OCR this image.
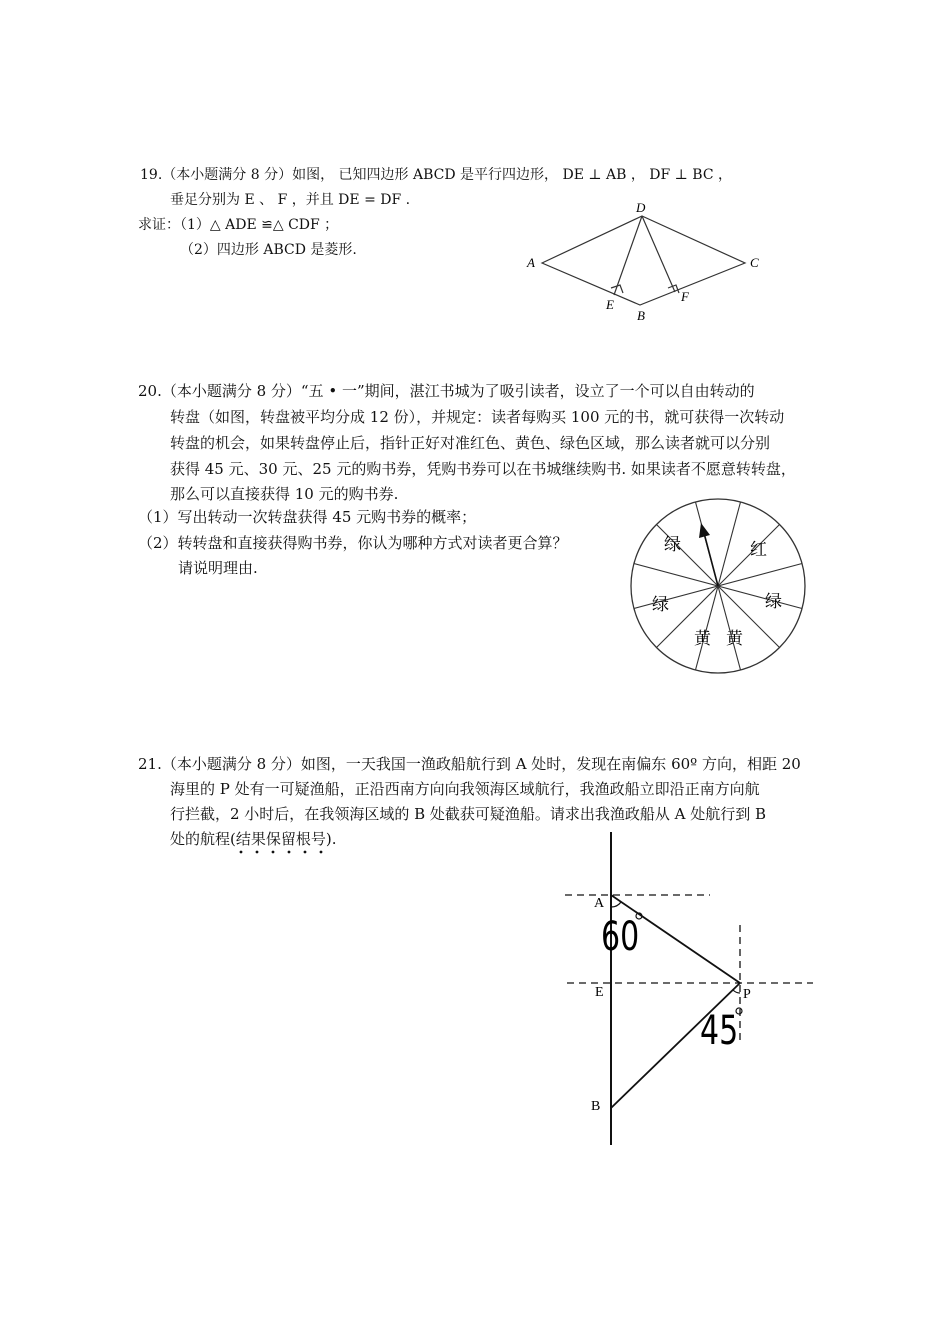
19.（本小题满分 8 分）如图， 已知四边形 ABCD 是平行四边形， DE ⊥ AB ， DF ⊥ BC ，
垂足分别为 E 、 F ，并且 DE = DF .
求证：（1）△ ADE ≌△ CDF ；
（2）四边形 ABCD 是菱形.
A
D
C
B
E
F
20.（本小题满分 8 分）“五 • 一”期间，湛江书城为了吸引读者，设立了一个可以自由转动的
转盘（如图，转盘被平均分成 12 份），并规定：读者每购买 100 元的书，就可获得一次转动
转盘的机会，如果转盘停止后，指针正好对准红色、黄色、绿色区域，那么读者就可以分别
获得 45 元、30 元、25 元的购书券，凭购书券可以在书城继续购书. 如果读者不愿意转转盘，
那么可以直接获得 10 元的购书券.
（1）写出转动一次转盘获得 45 元购书券的概率；
（2）转转盘和直接获得购书券，你认为哪种方式对读者更合算？
请说明理由.
绿	红
绿	绿
黄 黄
21.（本小题满分 8 分）如图，一天我国一渔政船航行到 A 处时，发现在南偏东 60º 方向，相距 20
海里的 P 处有一可疑渔船，正沿西南方向向我领海区域航行，我渔政船立即沿正南方向航
行拦截，2 小时后，在我领海区域的 B 处截获可疑渔船。请求出我渔政船从 A 处航行到 B
处的航程(结果保留根号).
A
E	P
B
60
45
